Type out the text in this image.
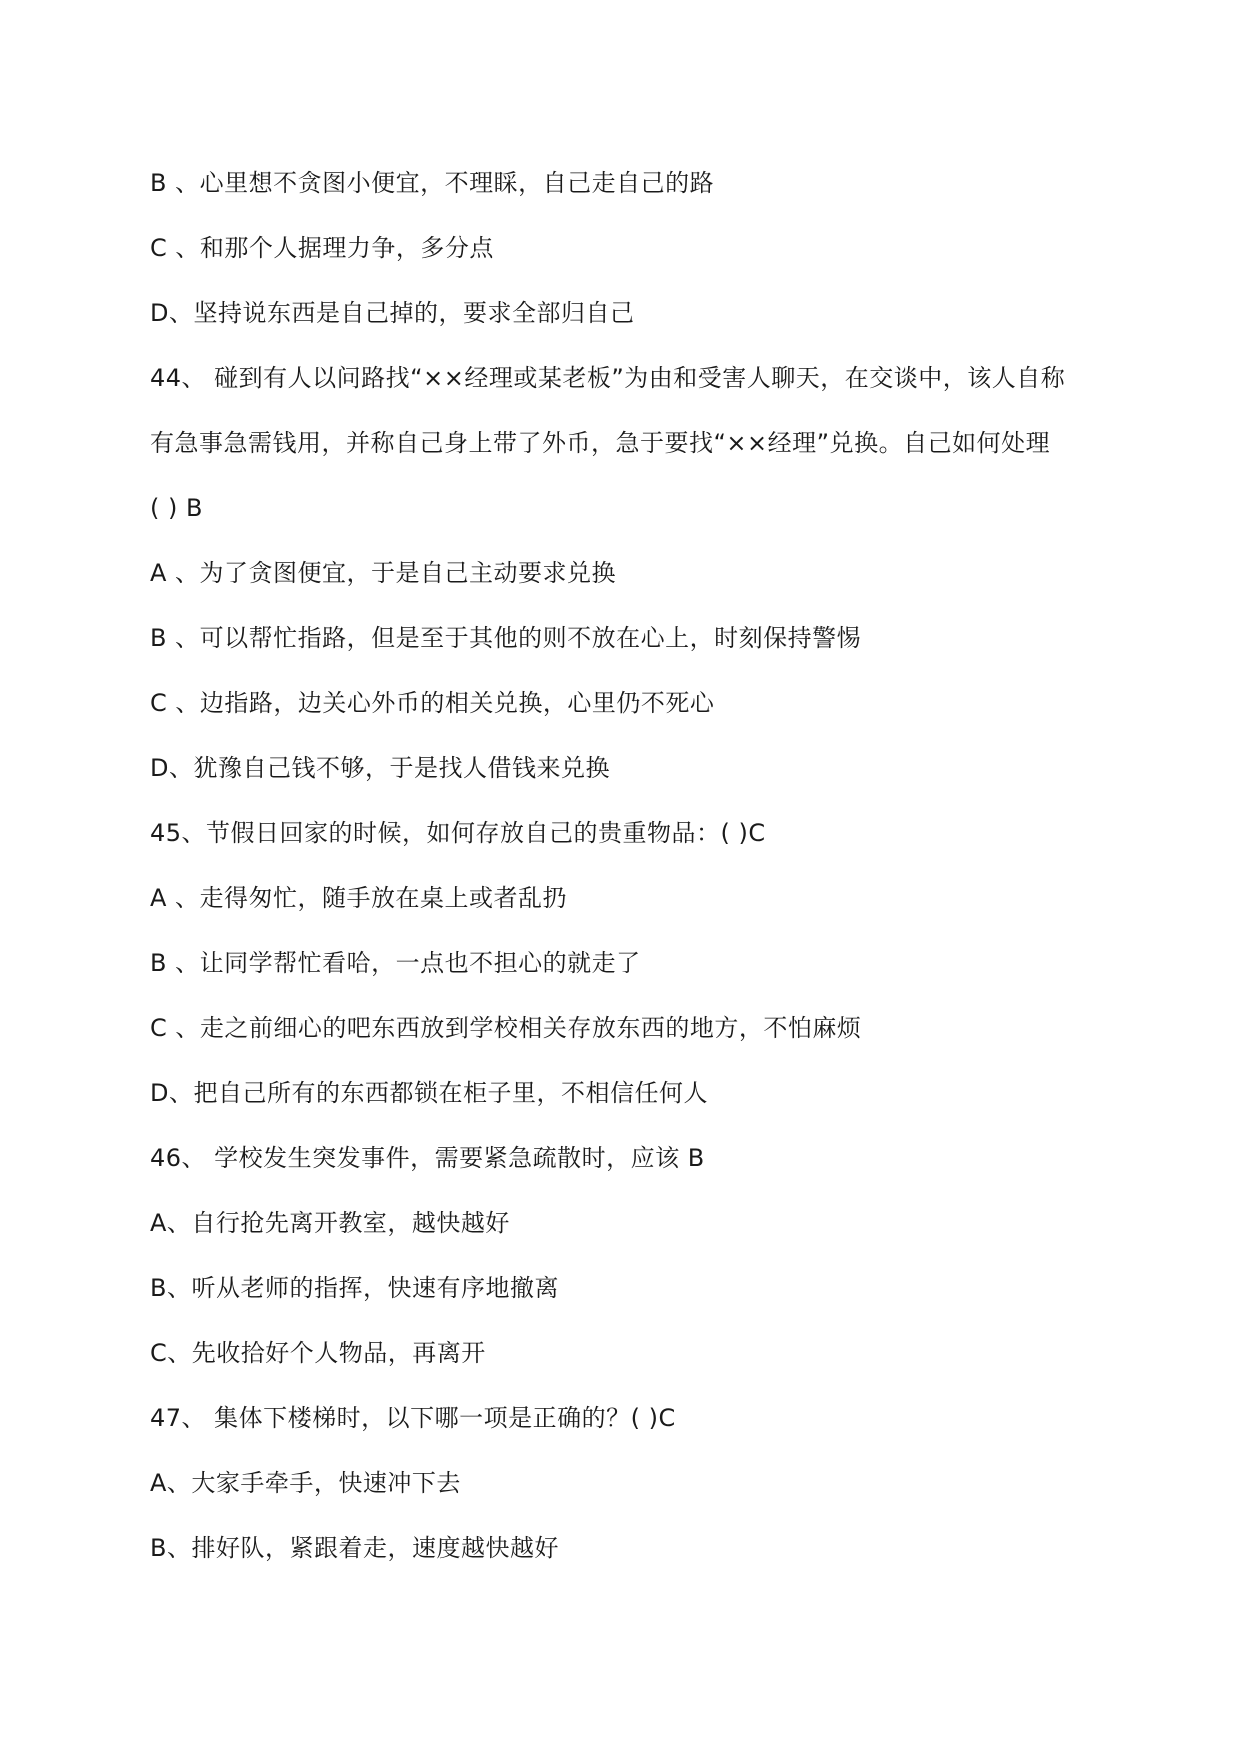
B 、心里想不贪图小便宜，不理睬，自己走自己的路
C 、和那个人据理力争，多分点
D、坚持说东西是自己掉的，要求全部归自己
44、 碰到有人以问路找“××经理或某老板”为由和受害人聊天，在交谈中，该人自称
有急事急需钱用，并称自己身上带了外币，急于要找“××经理”兑换。自己如何处理
( ) B
A 、为了贪图便宜，于是自己主动要求兑换
B 、可以帮忙指路，但是至于其他的则不放在心上，时刻保持警惕
C 、边指路，边关心外币的相关兑换，心里仍不死心
D、犹豫自己钱不够，于是找人借钱来兑换
45、节假日回家的时候，如何存放自己的贵重物品：( )C
A 、走得匆忙，随手放在桌上或者乱扔
B 、让同学帮忙看哈，一点也不担心的就走了
C 、走之前细心的吧东西放到学校相关存放东西的地方，不怕麻烦
D、把自己所有的东西都锁在柜子里，不相信任何人
46、 学校发生突发事件，需要紧急疏散时，应该 B
A、自行抢先离开教室，越快越好
B、听从老师的指挥，快速有序地撤离
C、先收拾好个人物品，再离开
47、 集体下楼梯时，以下哪一项是正确的？( )C
A、大家手牵手，快速冲下去
B、排好队，紧跟着走，速度越快越好
